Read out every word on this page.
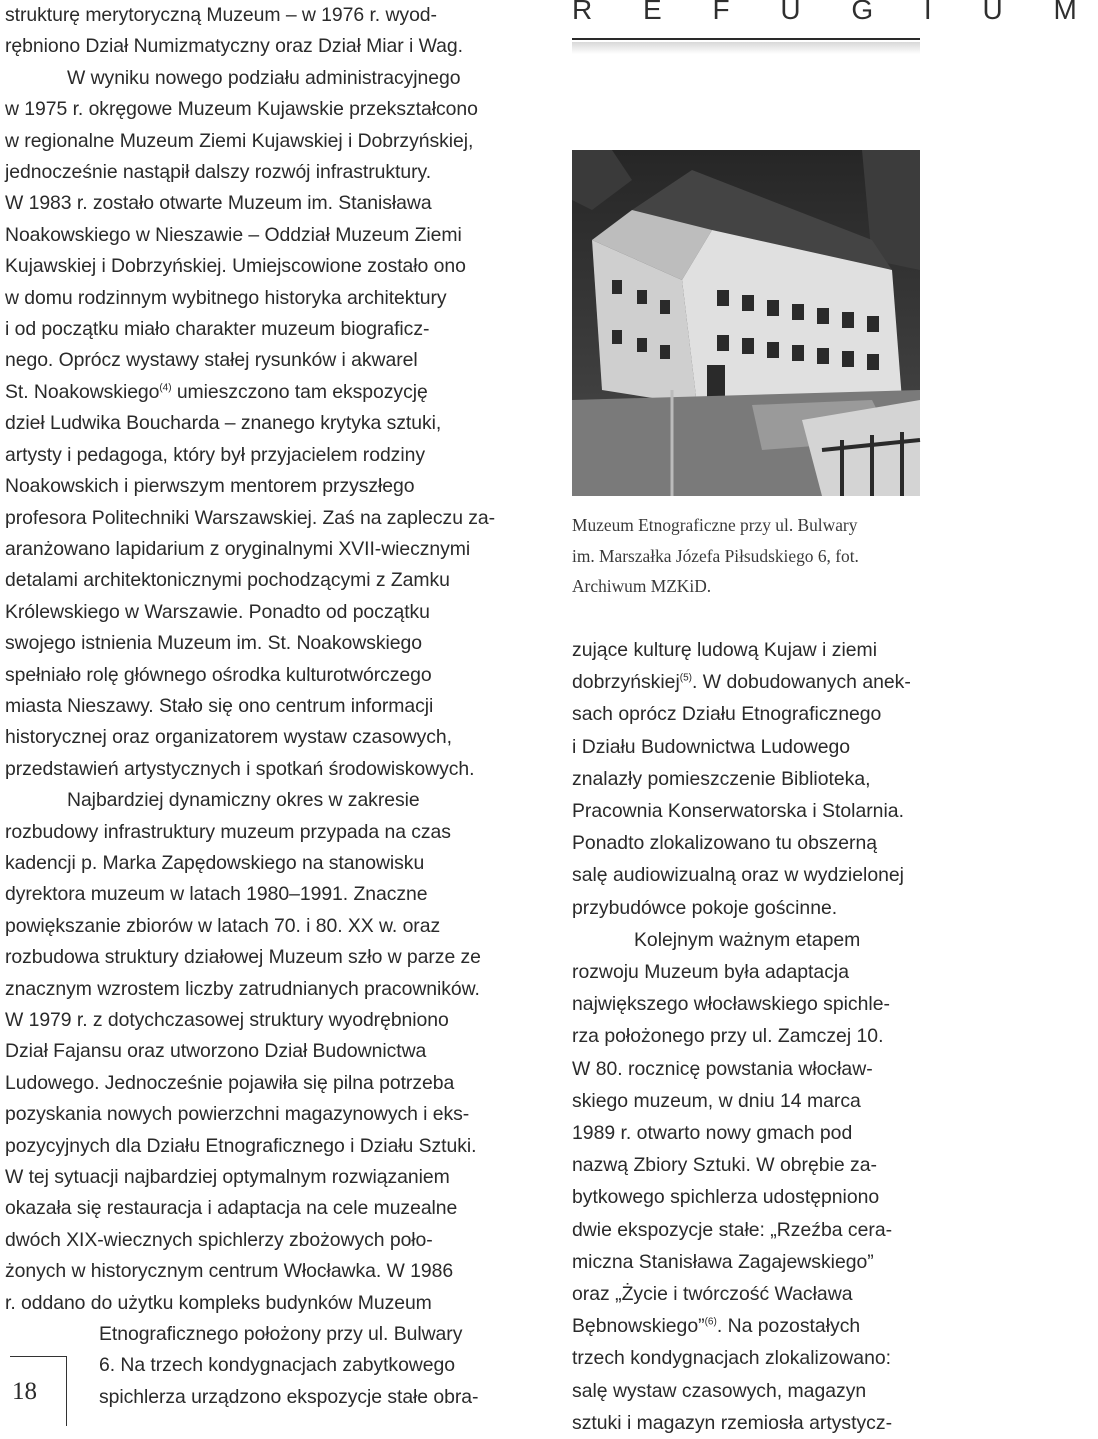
R E F U G I U M
strukturę merytoryczną Muzeum – w 1976 r. wyod-
rębniono Dział Numizmatyczny oraz Dział Miar i Wag.
W wyniku nowego podziału administracyjnego
w 1975 r. okręgowe Muzeum Kujawskie przekształcono
w regionalne Muzeum Ziemi Kujawskiej i Dobrzyńskiej,
jednocześnie nastąpił dalszy rozwój infrastruktury.
W 1983 r. zostało otwarte Muzeum im. Stanisława
Noakowskiego w Nieszawie – Oddział Muzeum Ziemi
Kujawskiej i Dobrzyńskiej. Umiejscowione zostało ono
w domu rodzinnym wybitnego historyka architektury
i od początku miało charakter muzeum biograficz-
nego. Oprócz wystawy stałej rysunków i akwarel
St. Noakowskiego$^{(4)}$ umieszczono tam ekspozycję
dzieł Ludwika Boucharda – znanego krytyka sztuki,
artysty i pedagoga, który był przyjacielem rodziny
Noakowskich i pierwszym mentorem przyszłego
profesora Politechniki Warszawskiej. Zaś na zapleczu za-
aranżowano lapidarium z oryginalnymi XVII-wiecznymi
detalami architektonicznymi pochodzącymi z Zamku
Królewskiego w Warszawie. Ponadto od początku
swojego istnienia Muzeum im. St. Noakowskiego
spełniało rolę głównego ośrodka kulturotwórczego
miasta Nieszawy. Stało się ono centrum informacji
historycznej oraz organizatorem wystaw czasowych,
przedstawień artystycznych i spotkań środowiskowych.
Najbardziej dynamiczny okres w zakresie
rozbudowy infrastruktury muzeum przypada na czas
kadencji p. Marka Zapędowskiego na stanowisku
dyrektora muzeum w latach 1980–1991. Znaczne
powiększanie zbiorów w latach 70. i 80. XX w. oraz
rozbudowa struktury działowej Muzeum szło w parze ze
znacznym wzrostem liczby zatrudnianych pracowników.
W 1979 r. z dotychczasowej struktury wyodrębniono
Dział Fajansu oraz utworzono Dział Budownictwa
Ludowego. Jednocześnie pojawiła się pilna potrzeba
pozyskania nowych powierzchni magazynowych i eks-
pozycyjnych dla Działu Etnograficznego i Działu Sztuki.
W tej sytuacji najbardziej optymalnym rozwiązaniem
okazała się restauracja i adaptacja na cele muzealne
dwóch XIX-wiecznych spichlerzy zbożowych poło-
żonych w historycznym centrum Włocławka. W 1986
r. oddano do użytku kompleks budynków Muzeum
Etnograficznego położony przy ul. Bulwary
6. Na trzech kondygnacjach zabytkowego
spichlerza urządzono ekspozycje stałe obra-
Muzeum Etnograficzne przy ul. Bulwary
im. Marszałka Józefa Piłsudskiego 6, fot.
Archiwum MZKiD.
zujące kulturę ludową Kujaw i ziemi
dobrzyńskiej$^{(5)}$. W dobudowanych anek-
sach oprócz Działu Etnograficznego
i Działu Budownictwa Ludowego
znalazły pomieszczenie Biblioteka,
Pracownia Konserwatorska i Stolarnia.
Ponadto zlokalizowano tu obszerną
salę audiowizualną oraz w wydzielonej
przybudówce pokoje gościnne.
Kolejnym ważnym etapem
rozwoju Muzeum była adaptacja
największego włocławskiego spichle-
rza położonego przy ul. Zamczej 10.
W 80. rocznicę powstania włocław-
skiego muzeum, w dniu 14 marca
1989 r. otwarto nowy gmach pod
nazwą Zbiory Sztuki. W obrębie za-
bytkowego spichlerza udostępniono
dwie ekspozycje stałe: „Rzeźba cera-
miczna Stanisława Zagajewskiego”
oraz „Życie i twórczość Wacława
Bębnowskiego”$^{(6)}$. Na pozostałych
trzech kondygnacjach zlokalizowano:
salę wystaw czasowych, magazyn
sztuki i magazyn rzemiosła artystycz-
18
